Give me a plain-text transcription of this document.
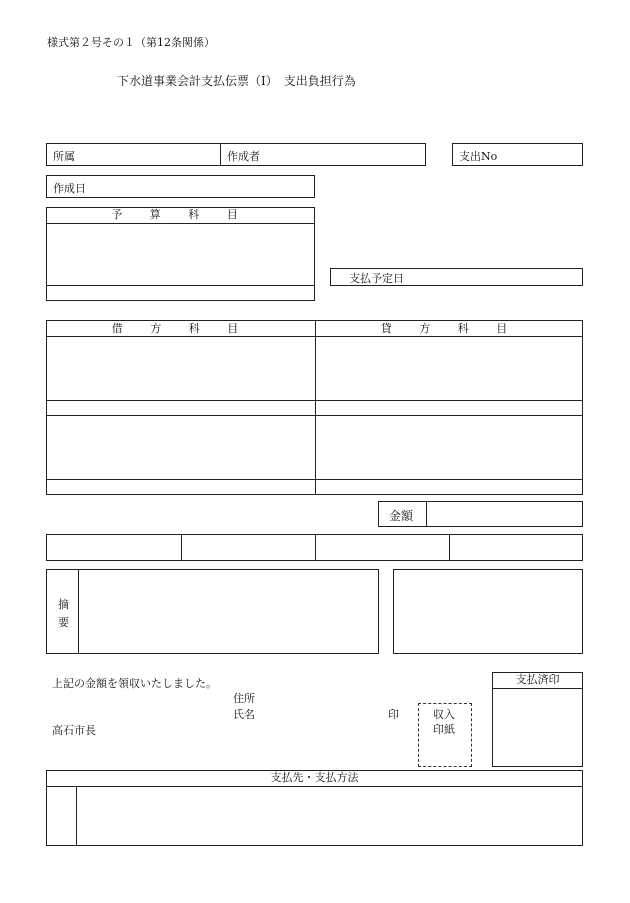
様式第２号その１（第12条関係）
下水道事業会計支払伝票（Ⅰ）　支出負担行為
所属	作成者	支出No
作成日
予 算 科 目
支払予定日
借 方 科 目	貸 方 科 目
金額
摘
要
上記の金額を領収いたしました。
住所
氏名	印
高石市長
収入
印紙
支払済印
支払先・支払方法
